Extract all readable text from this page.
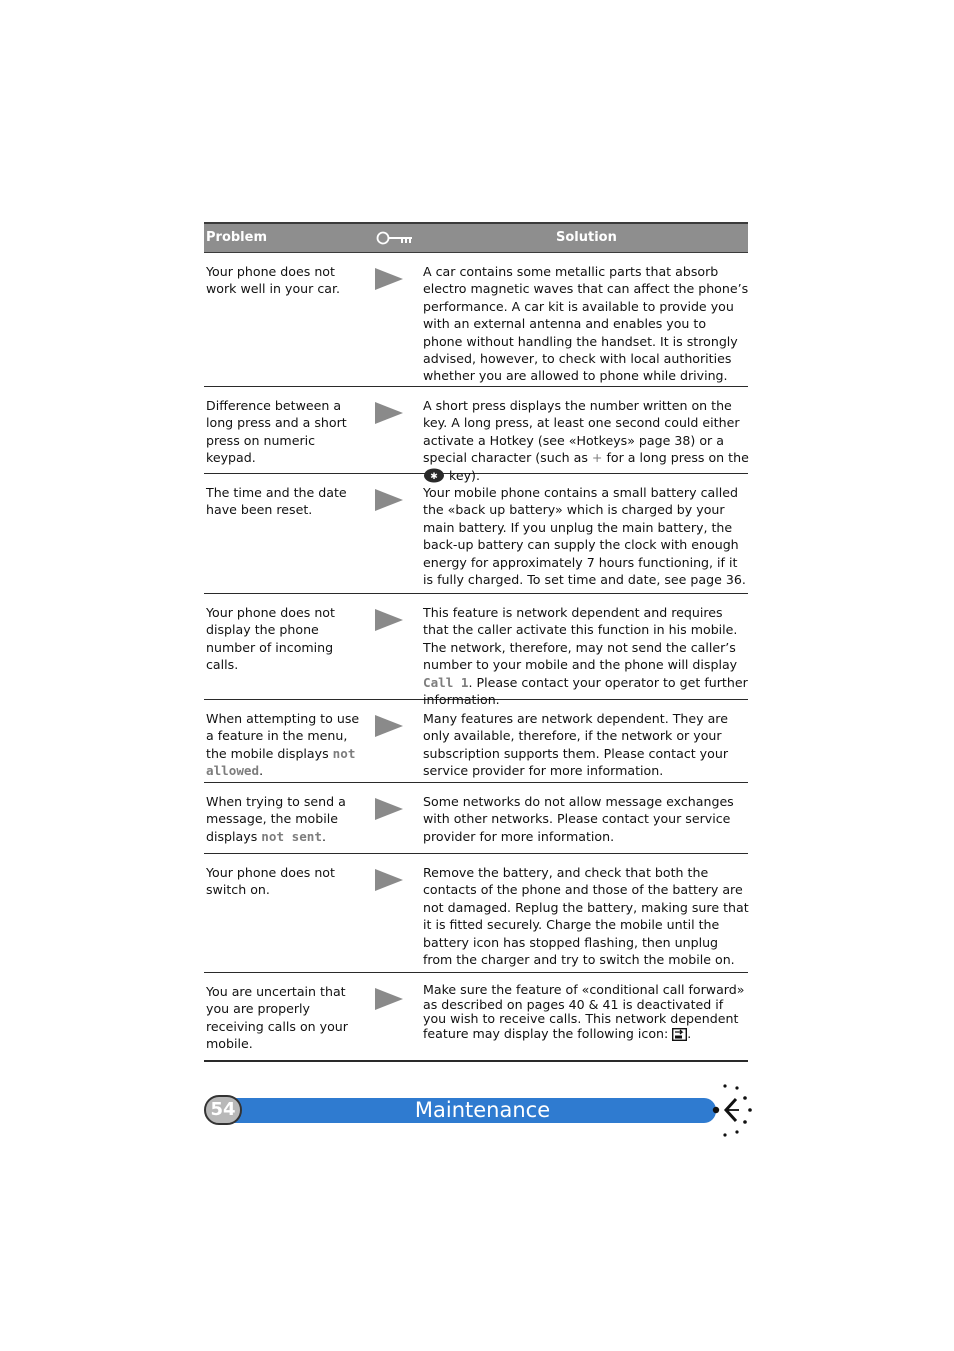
Problem	Solution
Your phone does not work well in your car.
A car contains some metallic parts that absorb electro magnetic waves that can affect the phone’s performance. A car kit is available to provide you with an external antenna and enables you to phone without handling the handset. It is strongly advised, however, to check with local authorities whether you are allowed to phone while driving.
Difference between a long press and a short press on numeric keypad.
A short press displays the number written on the key. A long press, at least one second could either activate a Hotkey (see «Hotkeys» page 38) or a special character (such as + for a long press on the
✱ key).
The time and the date have been reset.
Your mobile phone contains a small battery called the «back up battery» which is charged by your main battery. If you unplug the main battery, the back-up battery can supply the clock with enough energy for approximately 7 hours functioning, if it is fully charged. To set time and date, see page 36.
Your phone does not display the phone number of incoming calls.
This feature is network dependent and requires that the caller activate this function in his mobile. The network, therefore, may not send the caller’s number to your mobile and the phone will display Call 1. Please contact your operator to get further information.
When attempting to use a feature in the menu, the mobile displays not allowed.
Many features are network dependent. They are only available, therefore, if the network or your subscription supports them. Please contact your service provider for more information.
When trying to send a message, the mobile displays not sent.
Some networks do not allow message exchanges with other networks. Please contact your service provider for more information.
Your phone does not switch on.
Remove the battery, and check that both the contacts of the phone and those of the battery are not damaged. Replug the battery, making sure that it is fitted securely. Charge the mobile until the battery icon has stopped flashing, then unplug from the charger and try to switch the mobile on.
You are uncertain that you are properly receiving calls on your mobile.
Make sure the feature of «conditional call forward» as described on pages 40 & 41 is deactivated if you wish to receive calls. This network dependent feature may display the following icon: .
Maintenance
54
